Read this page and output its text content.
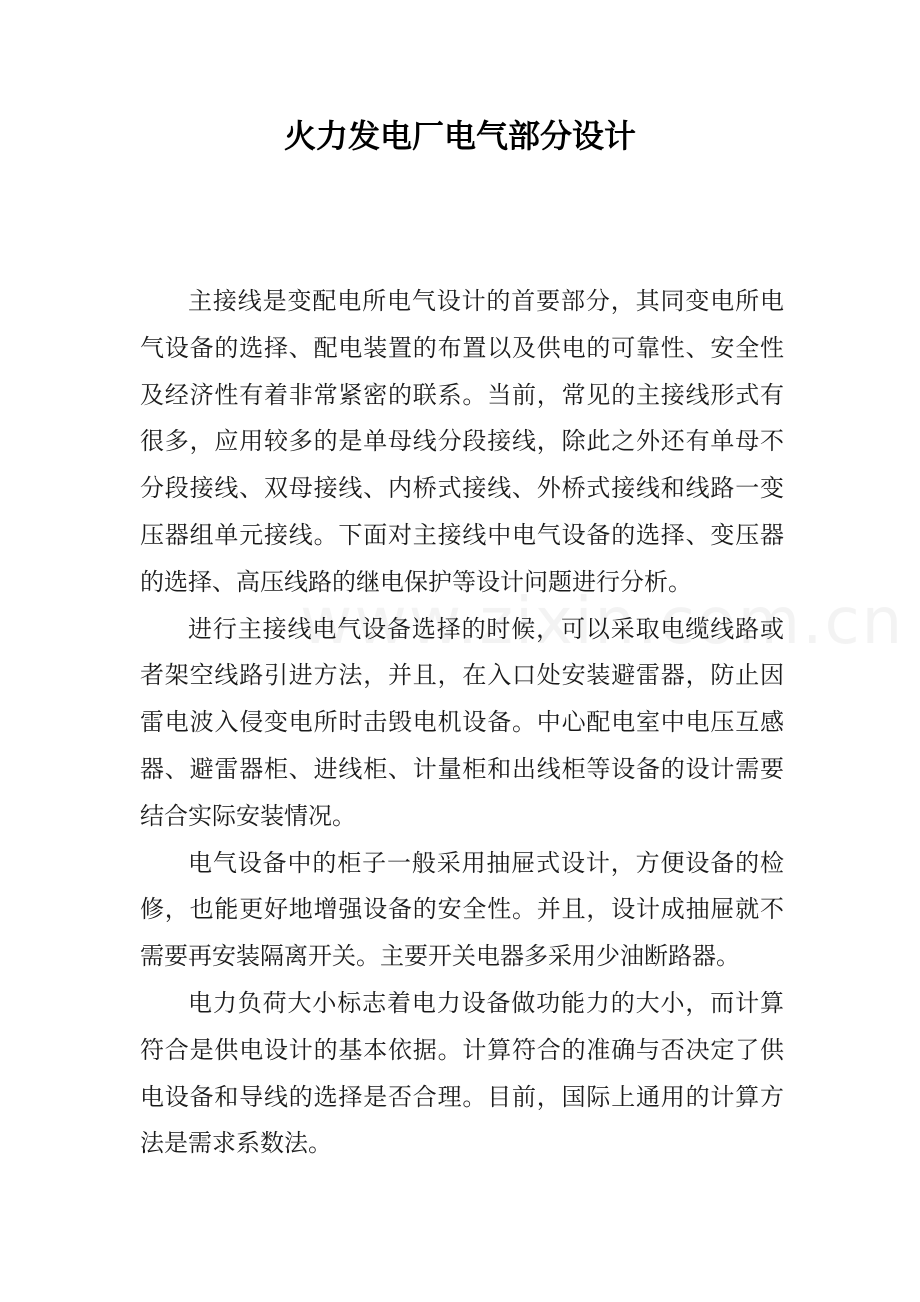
火力发电厂电气部分设计

主接线是变配电所电气设计的首要部分，其同变电所电气设备的选择、配电装置的布置以及供电的可靠性、安全性及经济性有着非常紧密的联系。当前，常见的主接线形式有很多，应用较多的是单母线分段接线，除此之外还有单母不分段接线、双母接线、内桥式接线、外桥式接线和线路一变压器组单元接线。下面对主接线中电气设备的选择、变压器的选择、高压线路的继电保护等设计问题进行分析。

进行主接线电气设备选择的时候，可以采取电缆线路或者架空线路引进方法，并且，在入口处安装避雷器，防止因雷电波入侵变电所时击毁电机设备。中心配电室中电压互感器、避雷器柜、进线柜、计量柜和出线柜等设备的设计需要结合实际安装情况。

电气设备中的柜子一般采用抽屉式设计，方便设备的检修，也能更好地增强设备的安全性。并且，设计成抽屉就不需要再安装隔离开关。主要开关电器多采用少油断路器。

电力负荷大小标志着电力设备做功能力的大小，而计算符合是供电设计的基本依据。计算符合的准确与否决定了供电设备和导线的选择是否合理。目前，国际上通用的计算方法是需求系数法。
